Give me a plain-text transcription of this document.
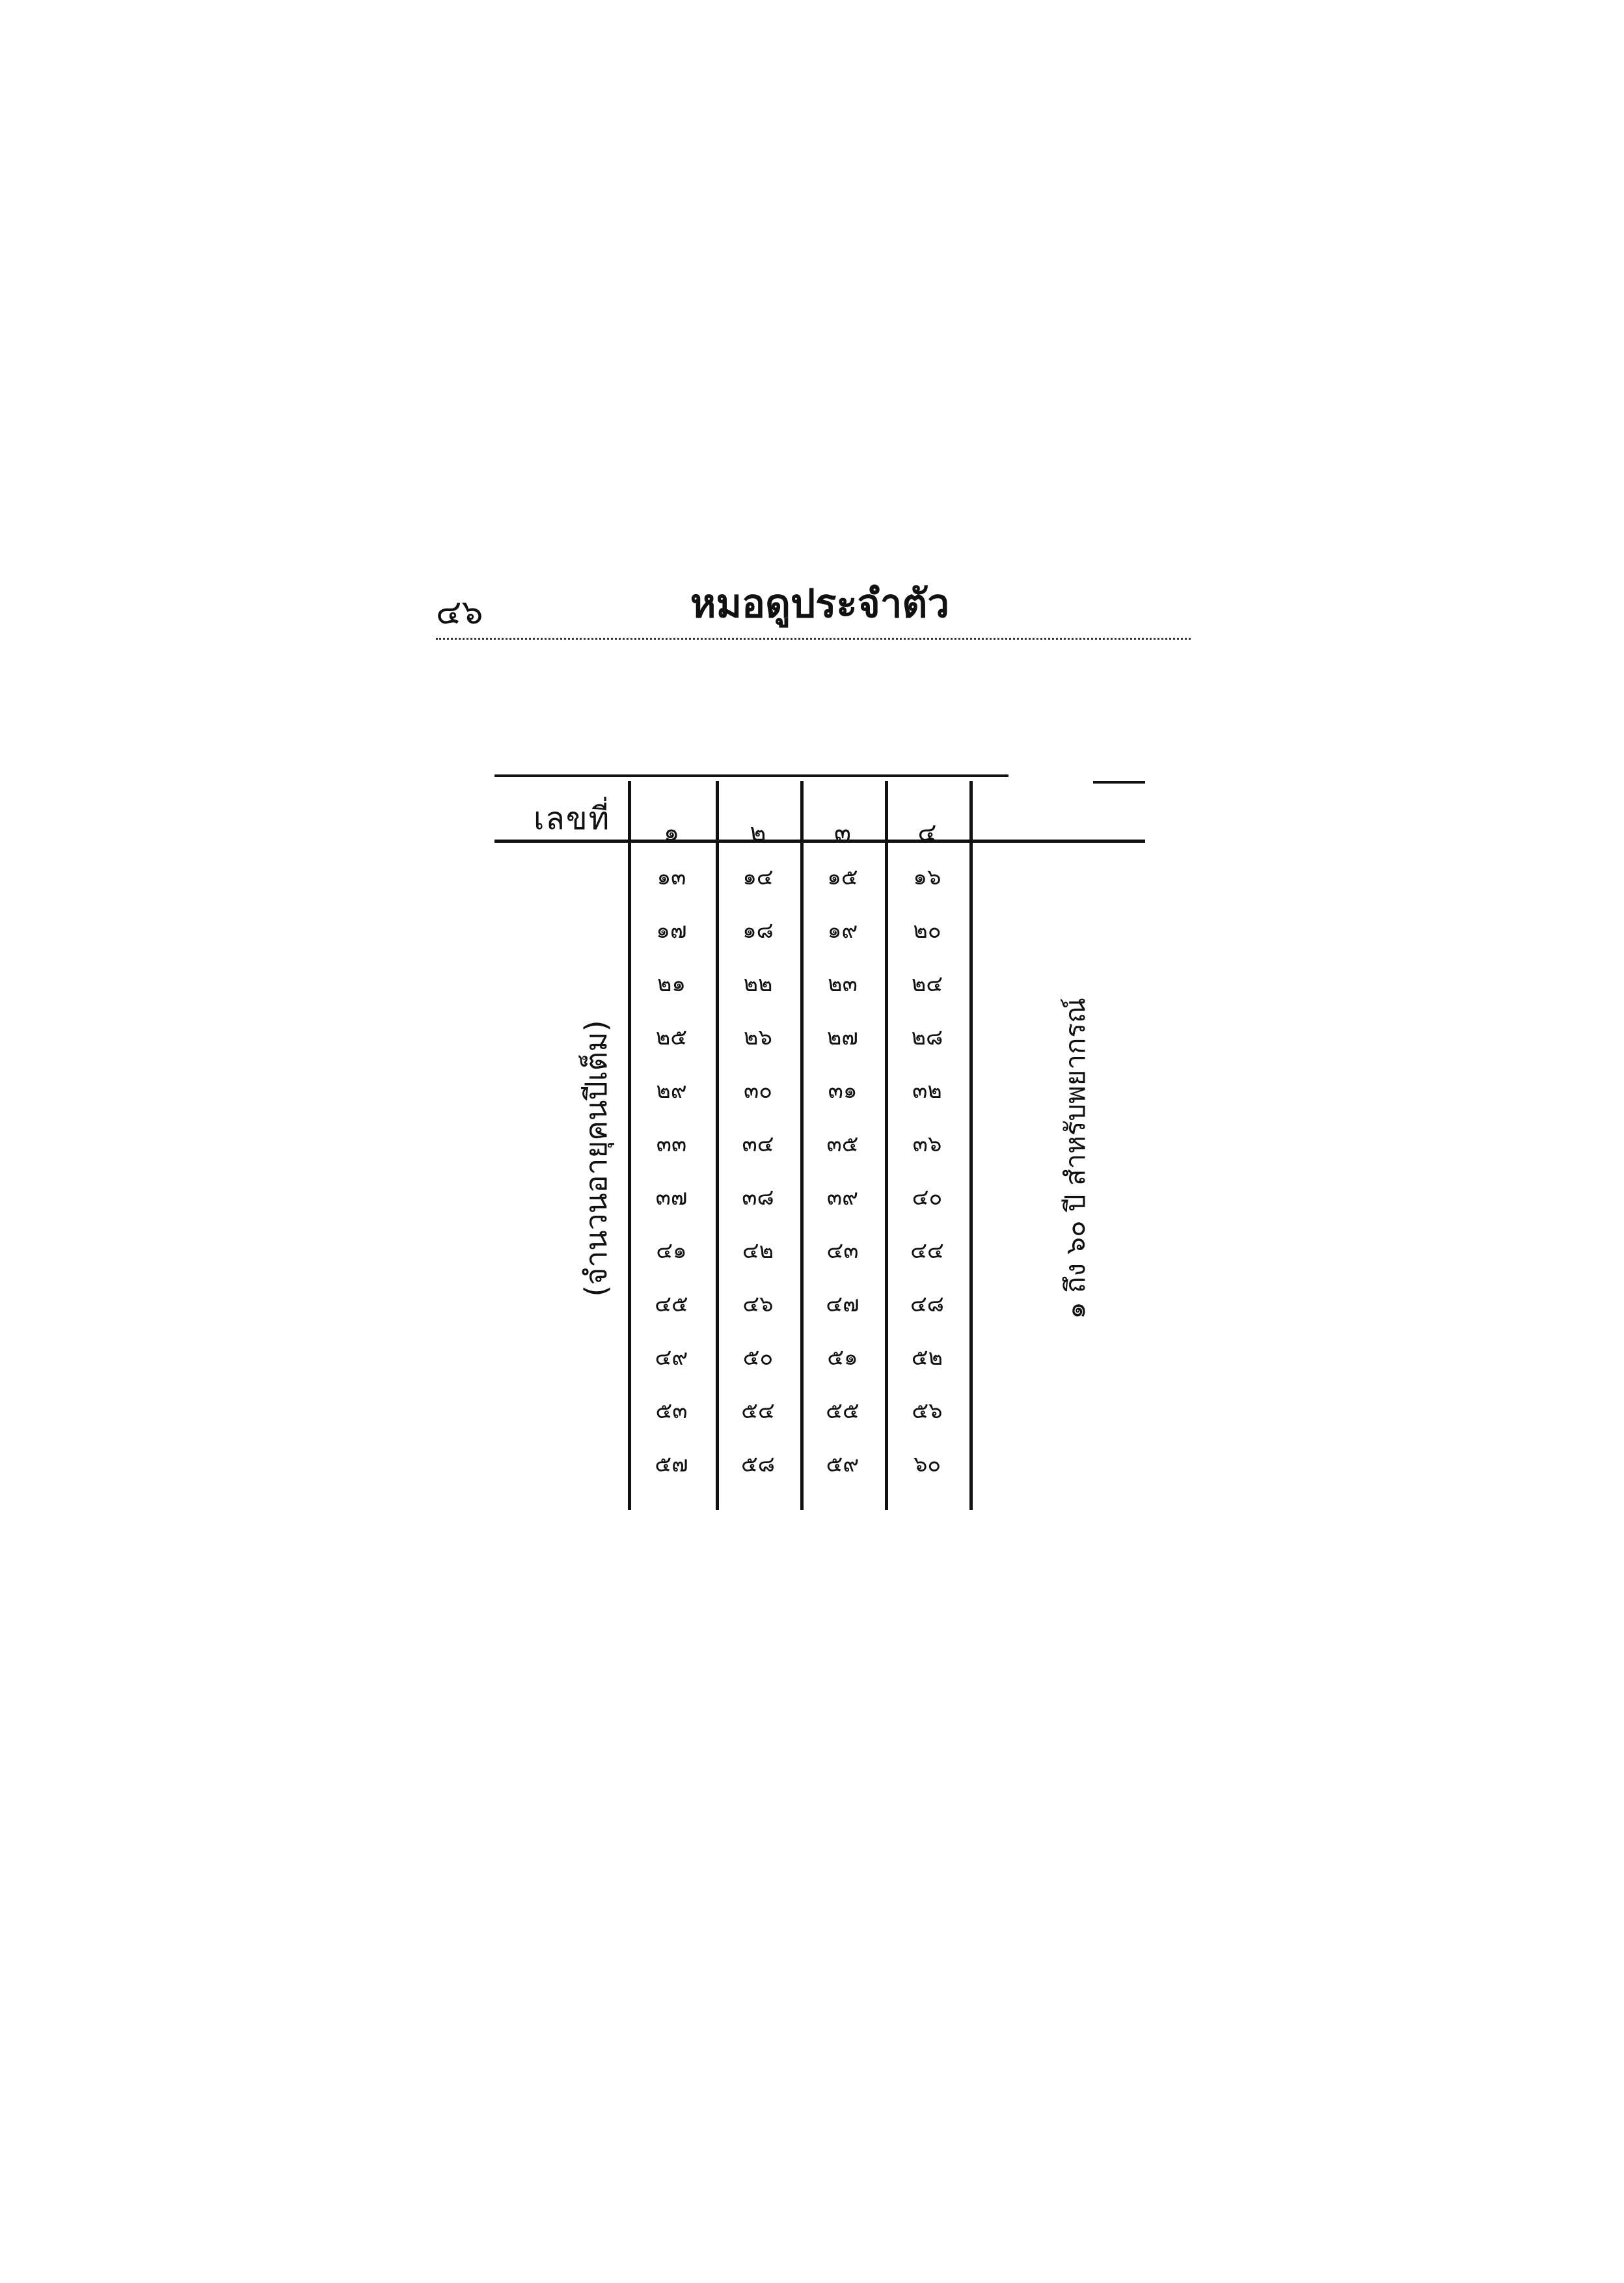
๔๖	หมอดูประจำตัว
เลขที่	๑	๒	๓	๔
๑๓	๑๔	๑๕	๑๖
๑๗	๑๘	๑๙	๒๐
๒๑	๒๒	๒๓	๒๔
๒๕	๒๖	๒๗	๒๘
๒๙	๓๐	๓๑	๓๒
๓๓	๓๔	๓๕	๓๖
๓๗	๓๘	๓๙	๔๐
๔๑	๔๒	๔๓	๔๔
๔๕	๔๖	๔๗	๔๘
๔๙	๕๐	๕๑	๕๒
๕๓	๕๔	๕๕	๕๖
๕๗	๕๘	๕๙	๖๐
(จำนวนอายุคนปีเต็ม)	๑ ถึง ๖๐ ปี สำหรับพยากรณ์
